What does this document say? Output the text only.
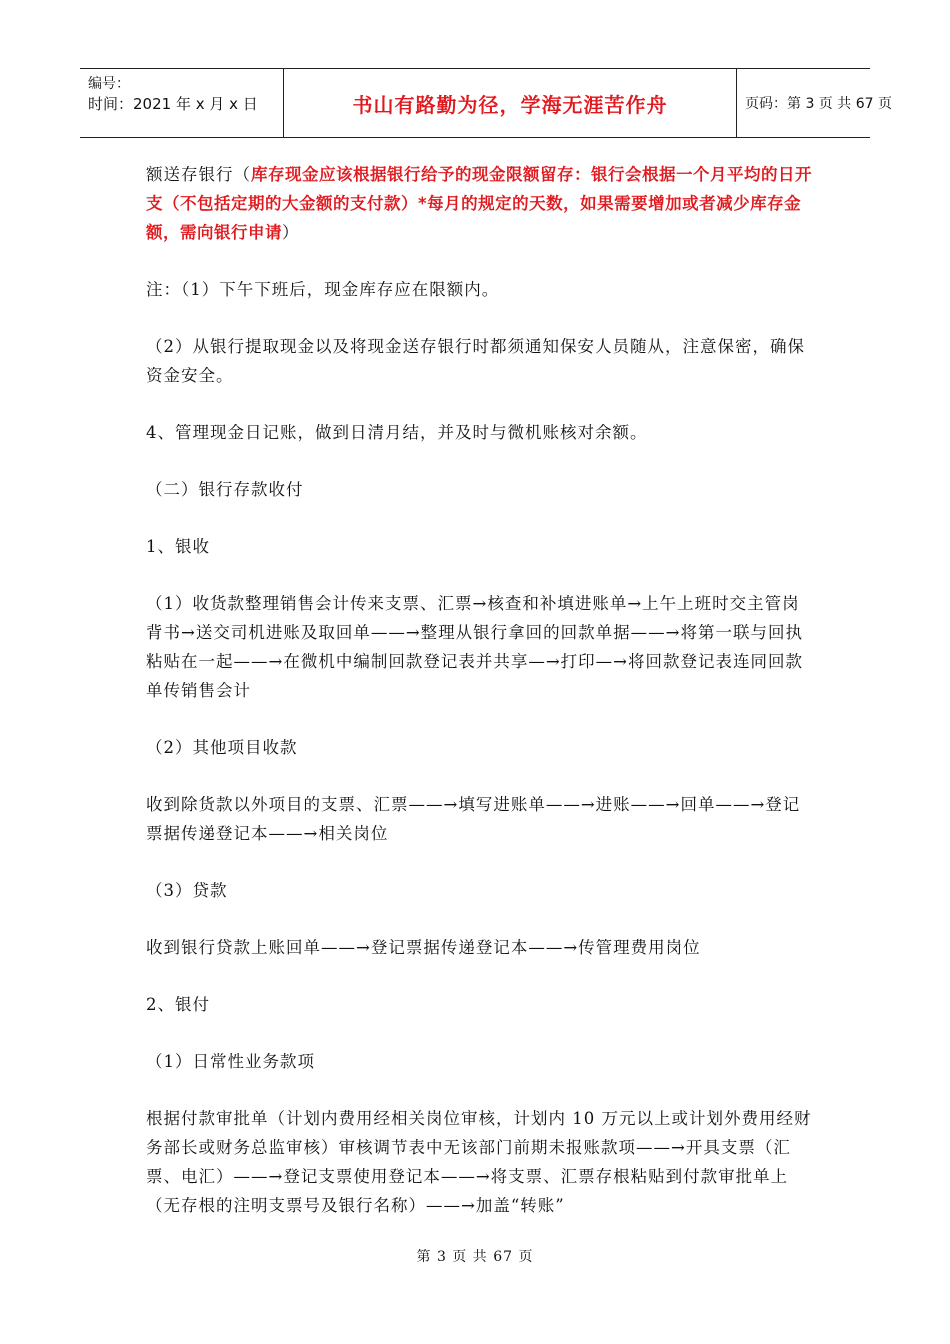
编号：
时间：2021 年 x 月 x 日	书山有路勤为径，学海无涯苦作舟	页码：第 3 页 共 67 页

额送存银行（库存现金应该根据银行给予的现金限额留存：银行会根据一个月平均的日开支（不包括定期的大金额的支付款）*每月的规定的天数，如果需要增加或者减少库存金额，需向银行申请）

注：（1）下午下班后，现金库存应在限额内。

（2）从银行提取现金以及将现金送存银行时都须通知保安人员随从，注意保密，确保资金安全。

4、管理现金日记账，做到日清月结，并及时与微机账核对余额。

（二）银行存款收付

1、银收

（1）收货款整理销售会计传来支票、汇票→核查和补填进账单→上午上班时交主管岗背书→送交司机进账及取回单——→整理从银行拿回的回款单据——→将第一联与回执粘贴在一起——→在微机中编制回款登记表并共享—→打印—→将回款登记表连同回款单传销售会计

（2）其他项目收款

收到除货款以外项目的支票、汇票——→填写进账单——→进账——→回单——→登记票据传递登记本——→相关岗位

（3）贷款

收到银行贷款上账回单——→登记票据传递登记本——→传管理费用岗位

2、银付

（1）日常性业务款项

根据付款审批单（计划内费用经相关岗位审核，计划内 10 万元以上或计划外费用经财务部长或财务总监审核）审核调节表中无该部门前期未报账款项——→开具支票（汇票、电汇）——→登记支票使用登记本——→将支票、汇票存根粘贴到付款审批单上（无存根的注明支票号及银行名称）——→加盖“转账”

第 3 页 共 67 页
